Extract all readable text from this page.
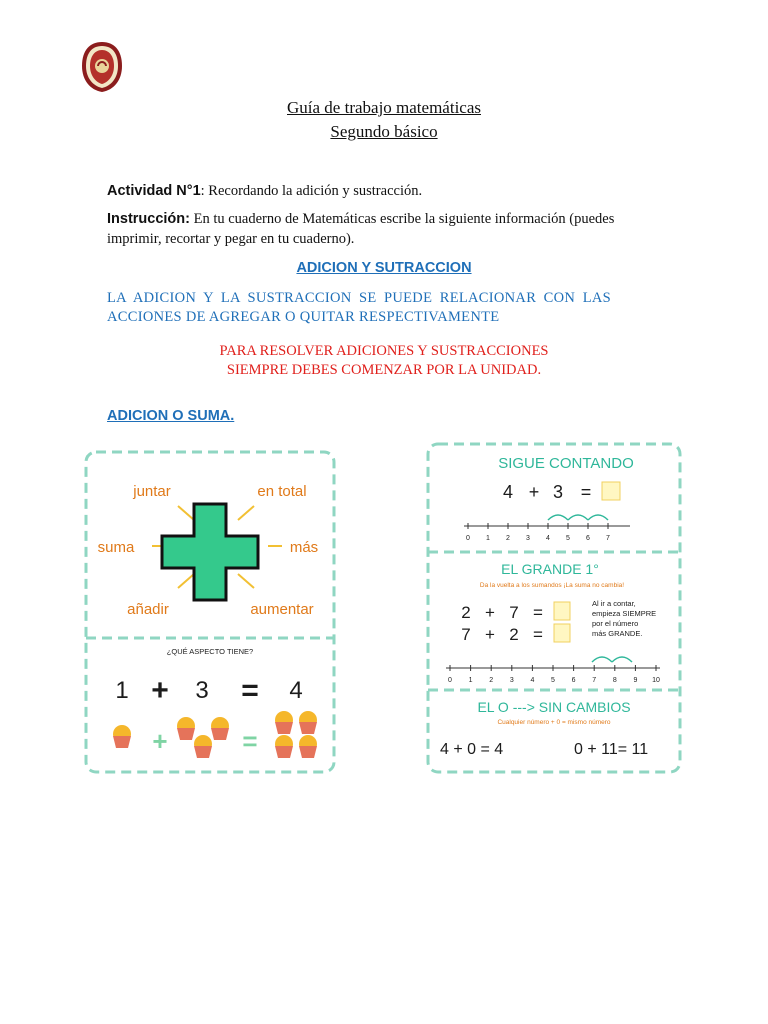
Guía de trabajo matemáticas
Segundo básico
Actividad N°1: Recordando la adición y sustracción.
Instrucción: En tu cuaderno de Matemáticas escribe la siguiente información (puedes imprimir, recortar y pegar en tu cuaderno).
ADICION Y SUTRACCION
LA ADICION Y LA SUSTRACCION SE PUEDE RELACIONAR CON LAS
ACCIONES DE AGREGAR O QUITAR RESPECTIVAMENTE
PARA RESOLVER ADICIONES Y SUSTRACCIONES
SIEMPRE DEBES COMENZAR POR LA UNIDAD.
ADICION O SUMA.
juntar	en total
suma	más
añadir	aumentar
¿QUÉ ASPECTO TIENE?
1 + 3 = 4
+	=
SIGUE CONTANDO
4 + 3 =
0 1 2 3 4 5 6 7
EL GRANDE 1°
Da la vuelta a los sumandos ¡La suma no cambia!
2 + 7 =
7 + 2 =
Al ir a contar,
empieza SIEMPRE
por el número
más GRANDE.
0 1 2 3 4 5 6 7 8 9 10
EL O ---> SIN CAMBIOS
Cualquier número + 0 = mismo número
4 + 0 = 4	0 + 11= 11
